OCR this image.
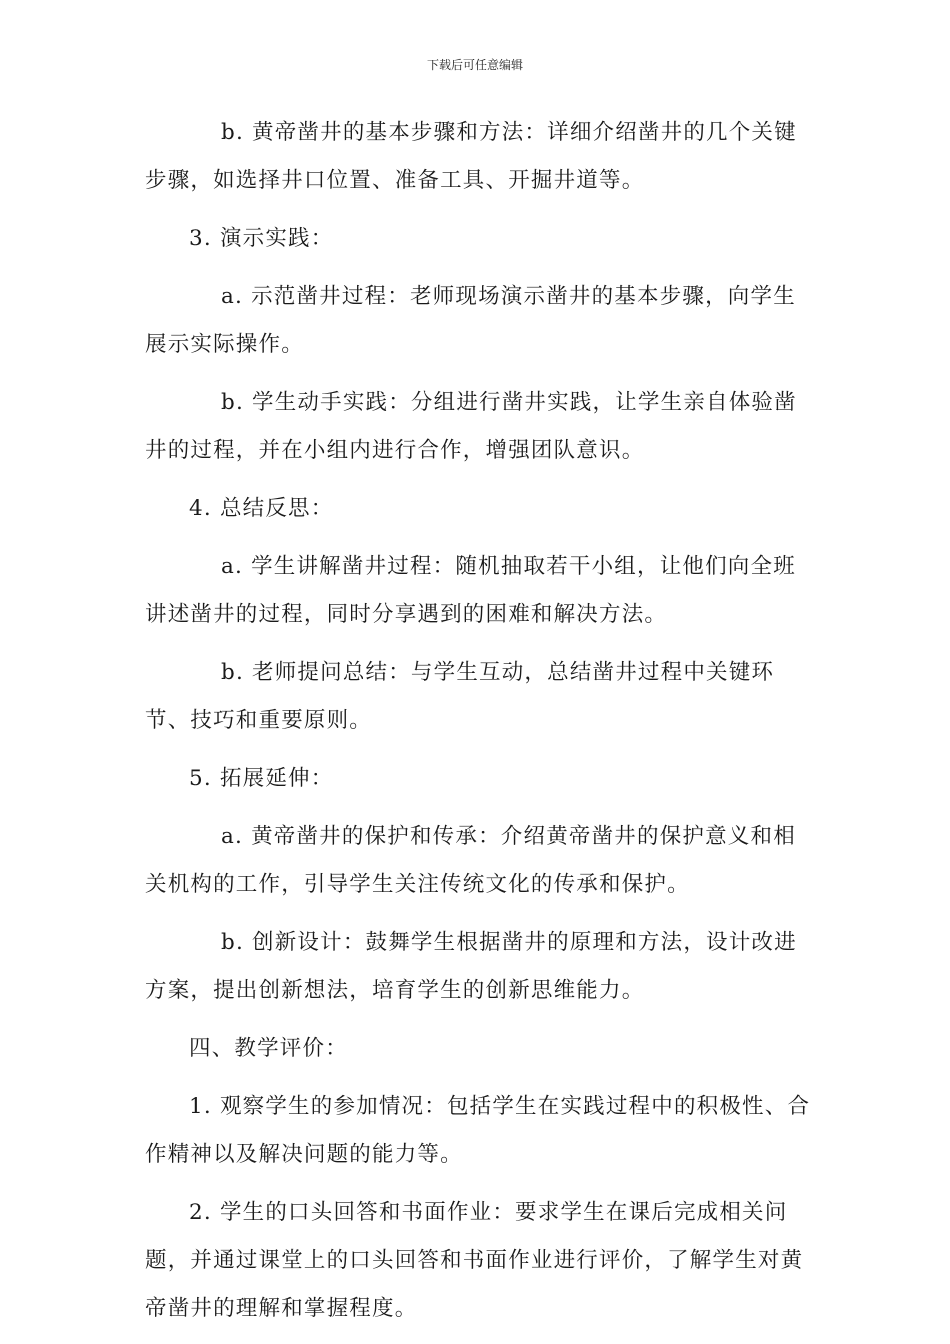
下载后可任意编辑

b. 黄帝凿井的基本步骤和方法：详细介绍凿井的几个关键步骤，如选择井口位置、准备工具、开掘井道等。

3. 演示实践：

a. 示范凿井过程：老师现场演示凿井的基本步骤，向学生展示实际操作。

b. 学生动手实践：分组进行凿井实践，让学生亲自体验凿井的过程，并在小组内进行合作，增强团队意识。

4. 总结反思：

a. 学生讲解凿井过程：随机抽取若干小组，让他们向全班讲述凿井的过程，同时分享遇到的困难和解决方法。

b. 老师提问总结：与学生互动，总结凿井过程中关键环节、技巧和重要原则。

5. 拓展延伸：

a. 黄帝凿井的保护和传承：介绍黄帝凿井的保护意义和相关机构的工作，引导学生关注传统文化的传承和保护。

b. 创新设计：鼓舞学生根据凿井的原理和方法，设计改进方案，提出创新想法，培育学生的创新思维能力。

四、教学评价：

1. 观察学生的参加情况：包括学生在实践过程中的积极性、合作精神以及解决问题的能力等。

2. 学生的口头回答和书面作业：要求学生在课后完成相关问题，并通过课堂上的口头回答和书面作业进行评价，了解学生对黄帝凿井的理解和掌握程度。
